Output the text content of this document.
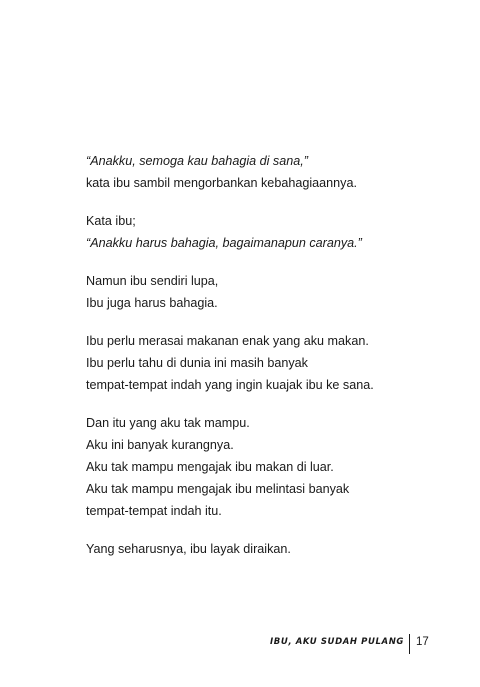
“Anakku, semoga kau bahagia di sana,”
kata ibu sambil mengorbankan kebahagiaannya.
Kata ibu;
“Anakku harus bahagia, bagaimanapun caranya.”
Namun ibu sendiri lupa,
Ibu juga harus bahagia.
Ibu perlu merasai makanan enak yang aku makan.
Ibu perlu tahu di dunia ini masih banyak
tempat-tempat indah yang ingin kuajak ibu ke sana.
Dan itu yang aku tak mampu.
Aku ini banyak kurangnya.
Aku tak mampu mengajak ibu makan di luar.
Aku tak mampu mengajak ibu melintasi banyak
tempat-tempat indah itu.
Yang seharusnya, ibu layak diraikan.
IBU, AKU SUDAH PULANG 17
